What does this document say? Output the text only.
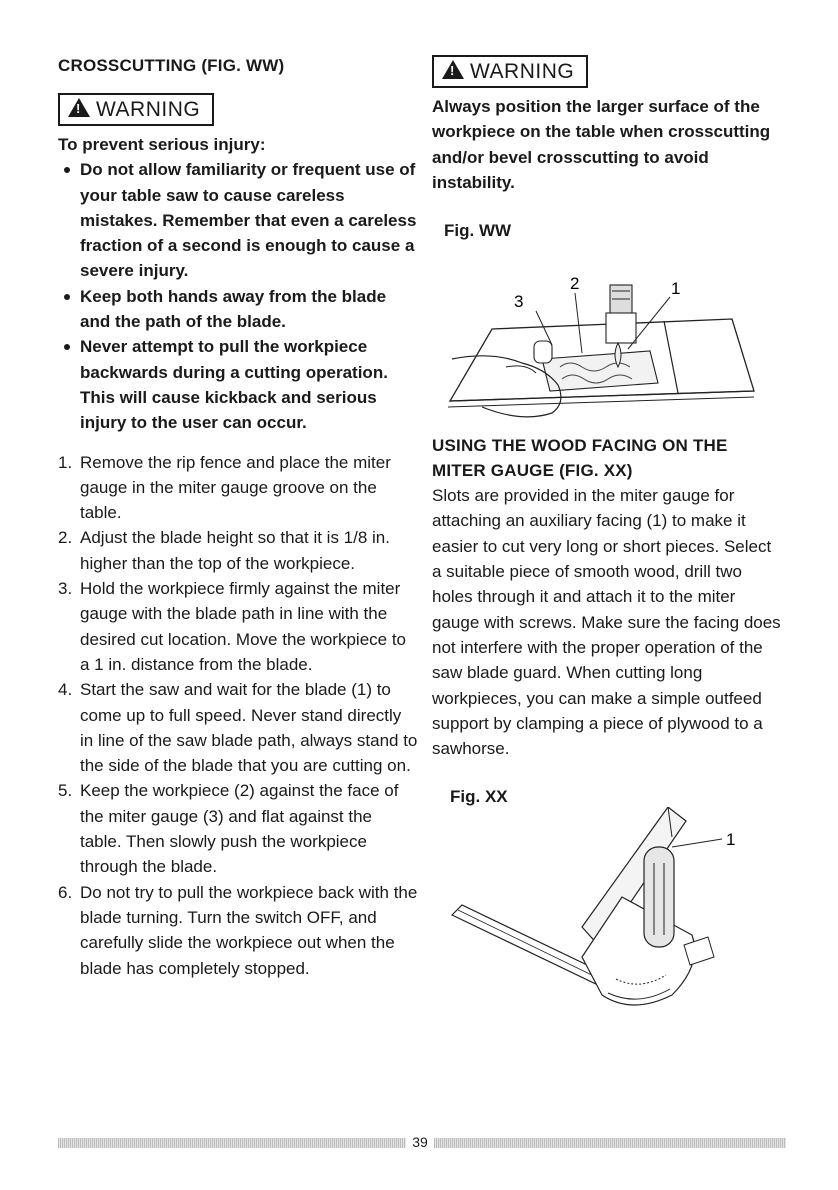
CROSSCUTTING (FIG. WW)
!WARNING
To prevent serious injury:
Do not allow familiarity or frequent use of your table saw to cause careless mistakes. Remember that even a careless fraction of a second is enough to cause a severe injury.
Keep both hands away from the blade and the path of the blade.
Never attempt to pull the workpiece backwards during a cutting operation. This will cause kickback and serious injury to the user can occur.
1. Remove the rip fence and place the miter gauge in the miter gauge groove on the table.
2. Adjust the blade height so that it is 1/8 in. higher than the top of the workpiece.
3. Hold the workpiece firmly against the miter gauge with the blade path in line with the desired cut location. Move the workpiece to a 1 in. distance from the blade.
4. Start the saw and wait for the blade (1) to come up to full speed. Never stand directly in line of the saw blade path, always stand to the side of the blade that you are cutting on.
5. Keep the workpiece (2) against the face of the miter gauge (3) and flat against the table. Then slowly push the workpiece through the blade.
6. Do not try to pull the workpiece back with the blade turning. Turn the switch OFF, and carefully slide the workpiece out when the blade has completely stopped.
!WARNING
Always position the larger surface of the workpiece on the table when crosscutting and/or bevel crosscutting to avoid instability.
Fig. WW
2	1
3
USING THE WOOD FACING ON THE MITER GAUGE (FIG. XX)

Slots are provided in the miter gauge for attaching an auxiliary facing (1) to make it easier to cut very long or short pieces. Select a suitable piece of smooth wood, drill two holes through it and attach it to the miter gauge with screws. Make sure the facing does not interfere with the proper operation of the saw blade guard. When cutting long workpieces, you can make a simple outfeed support by clamping a piece of plywood to a sawhorse.

Fig. XX
1
39
